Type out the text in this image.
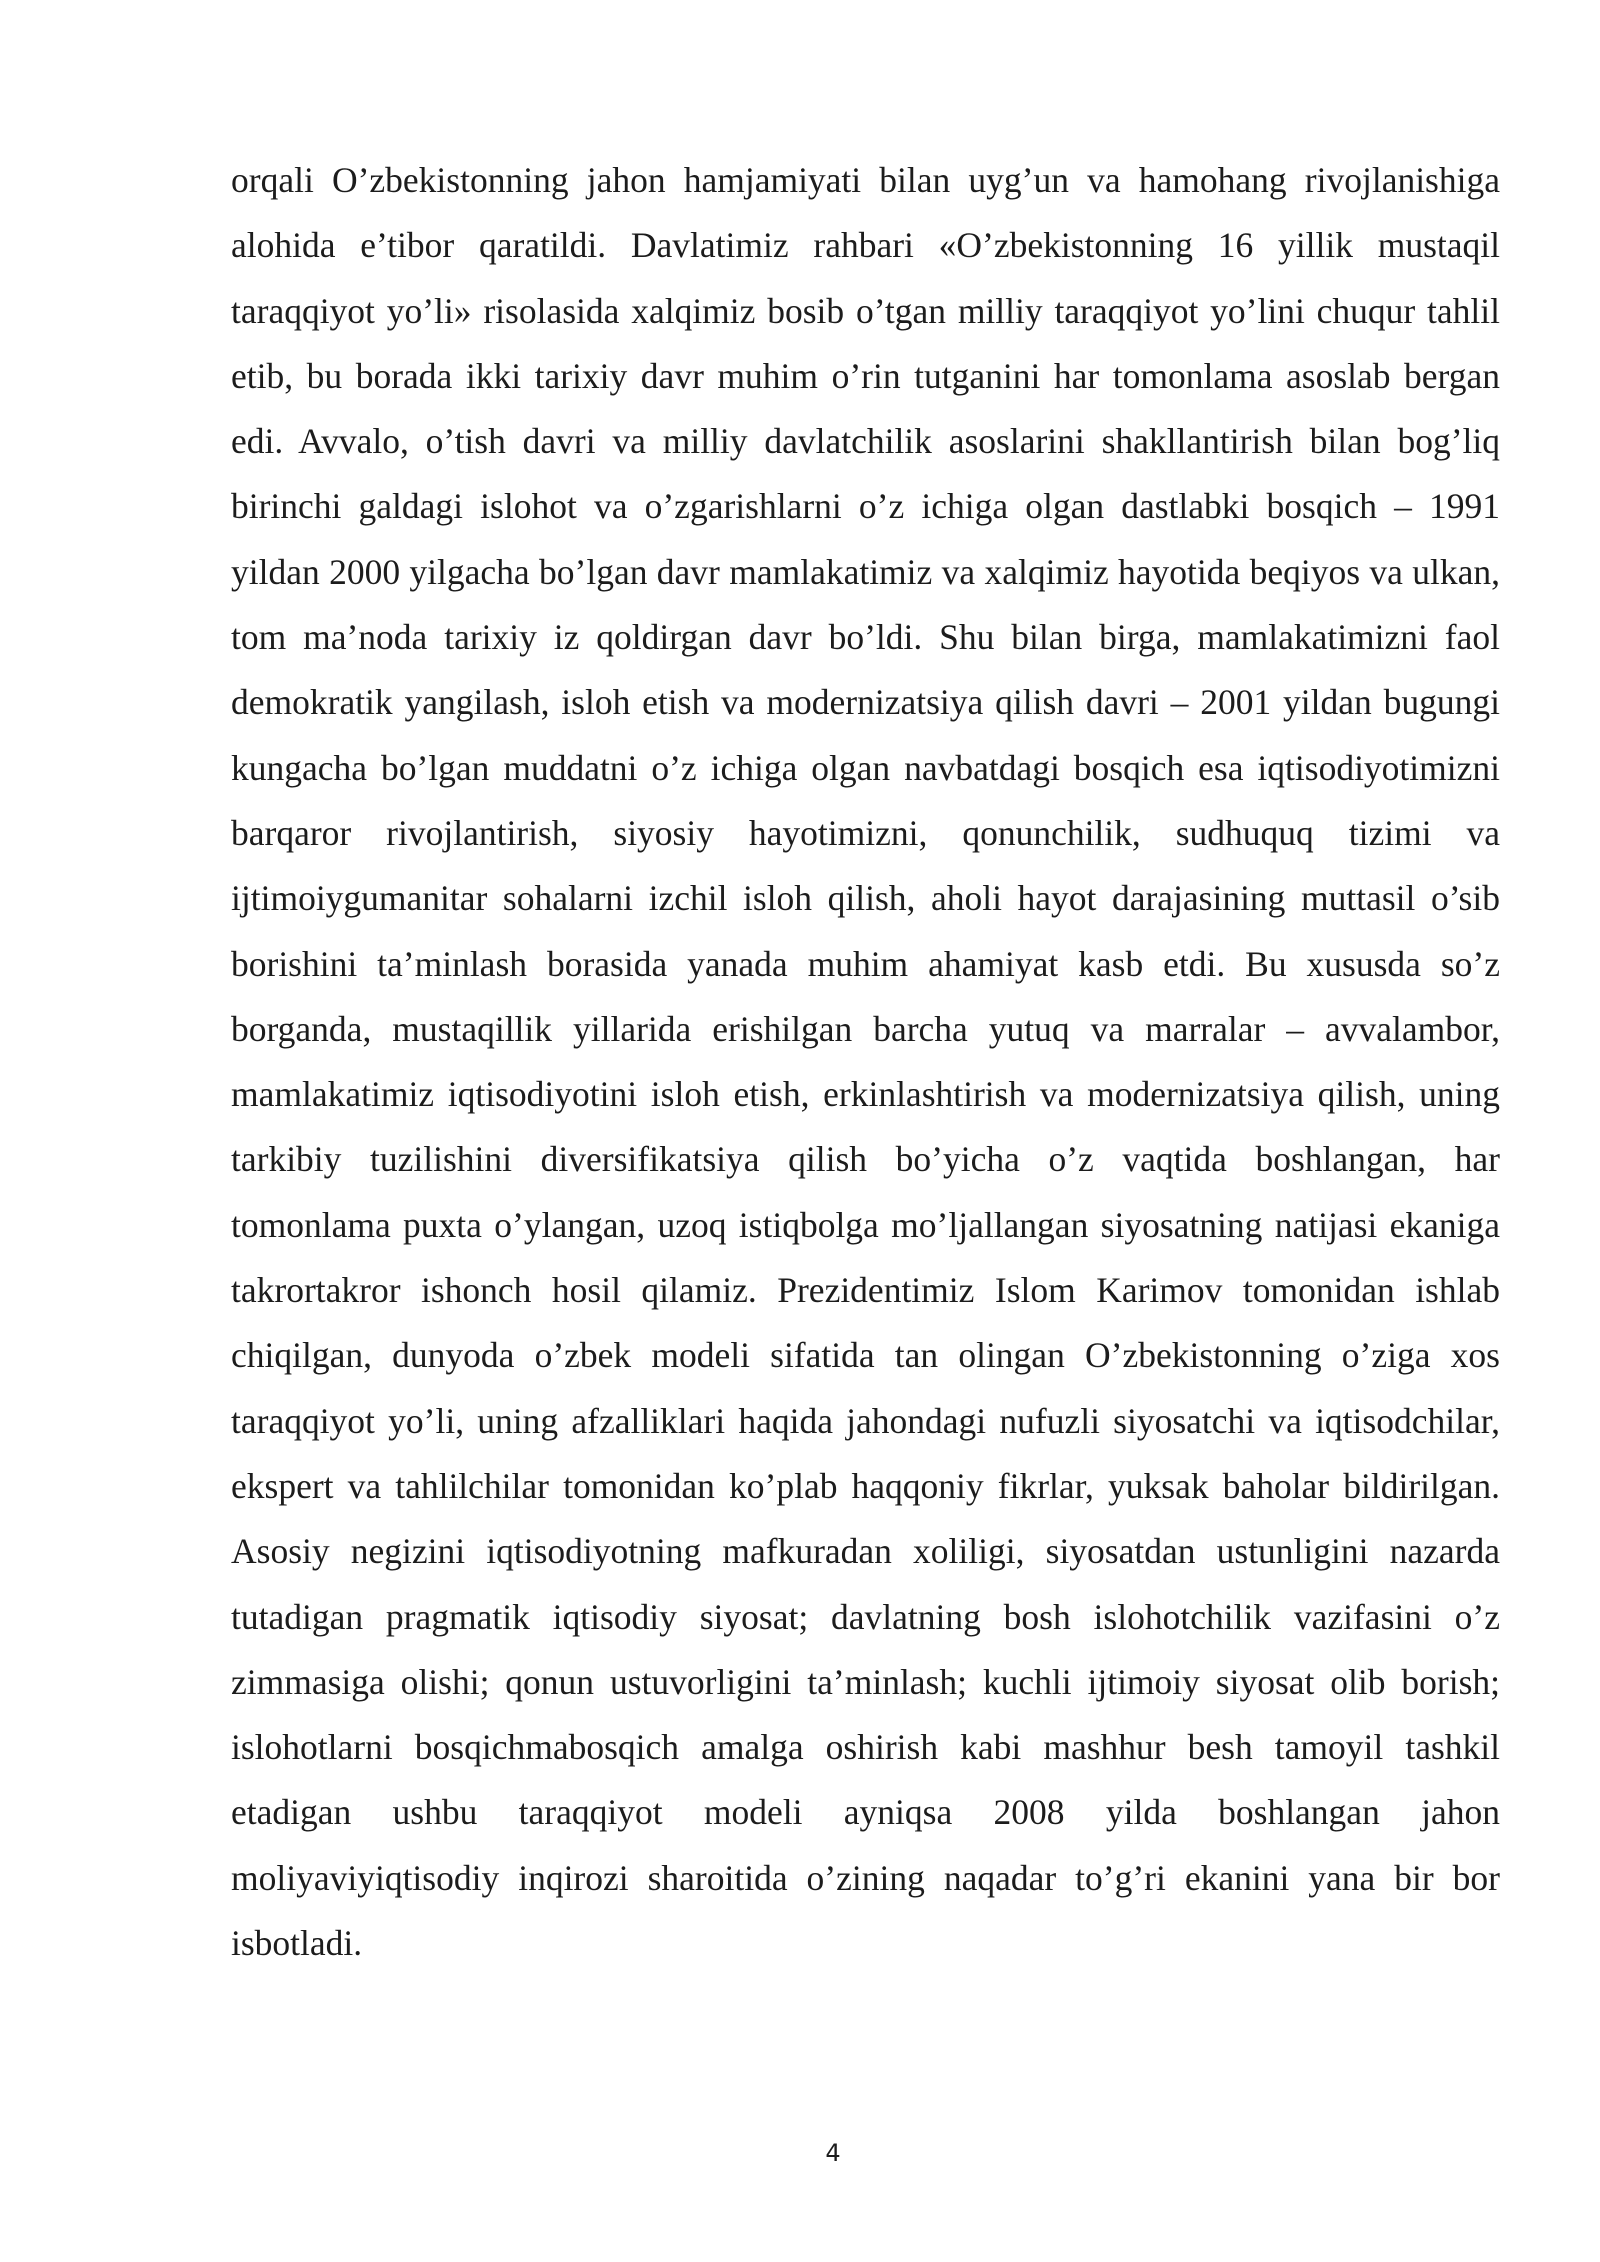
orqali O’zbekistonning jahon hamjamiyati bilan uyg’un va hamohang rivojlanishiga alohida e’tibor qaratildi. Davlatimiz rahbari «O’zbekistonning 16 yillik mustaqil taraqqiyot yo’li» risolasida xalqimiz bosib o’tgan milliy taraqqiyot yo’lini chuqur tahlil etib, bu borada ikki tarixiy davr muhim o’rin tutganini har tomonlama asoslab bergan edi. Avvalo, o’tish davri va milliy davlatchilik asoslarini shakllantirish bilan bog’liq birinchi galdagi islohot va o’zgarishlarni o’z ichiga olgan dastlabki bosqich – 1991 yildan 2000 yilgacha bo’lgan davr mamlakatimiz va xalqimiz hayotida beqiyos va ulkan, tom ma’noda tarixiy iz qoldirgan davr bo’ldi. Shu bilan birga, mamlakatimizni faol demokratik yangilash, isloh etish va modernizatsiya qilish davri – 2001 yildan bugungi kungacha bo’lgan muddatni o’z ichiga olgan navbatdagi bosqich esa iqtisodiyotimizni barqaror rivojlantirish, siyosiy hayotimizni, qonunchilik, sudhuquq tizimi va ijtimoiygumanitar sohalarni izchil isloh qilish, aholi hayot darajasining muttasil o’sib borishini ta’minlash borasida yanada muhim ahamiyat kasb etdi. Bu xususda so’z borganda, mustaqillik yillarida erishilgan barcha yutuq va marralar – avvalambor, mamlakatimiz iqtisodiyotini isloh etish, erkinlashtirish va modernizatsiya qilish, uning tarkibiy tuzilishini diversifikatsiya qilish bo’yicha o’z vaqtida boshlangan, har tomonlama puxta o’ylangan, uzoq istiqbolga mo’ljallangan siyosatning natijasi ekaniga takrortakror ishonch hosil qilamiz. Prezidentimiz Islom Karimov tomonidan ishlab chiqilgan, dunyoda o’zbek modeli sifatida tan olingan O’zbekistonning o’ziga xos taraqqiyot yo’li, uning afzalliklari haqida jahondagi nufuzli siyosatchi va iqtisodchilar, ekspert va tahlilchilar tomonidan ko’plab haqqoniy fikrlar, yuksak baholar bildirilgan. Asosiy negizini iqtisodiyotning mafkuradan xoliligi, siyosatdan ustunligini nazarda tutadigan pragmatik iqtisodiy siyosat; davlatning bosh islohotchilik vazifasini o’z zimmasiga olishi; qonun ustuvorligini ta’minlash; kuchli ijtimoiy siyosat olib borish; islohotlarni bosqichmabosqich amalga oshirish kabi mashhur besh tamoyil tashkil etadigan ushbu taraqqiyot modeli ayniqsa 2008 yilda boshlangan jahon moliyaviyiqtisodiy inqirozi sharoitida o’zining naqadar to’g’ri ekanini yana bir bor isbotladi.

4
